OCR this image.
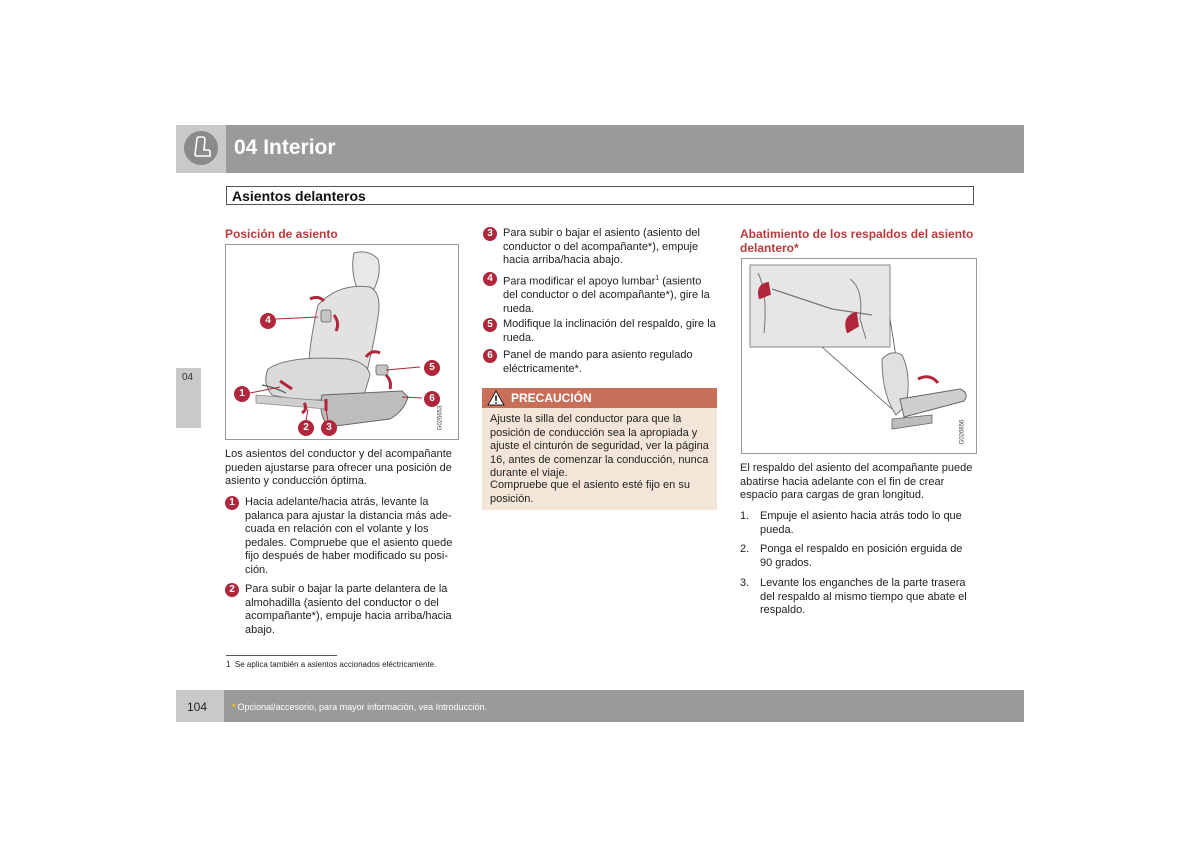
04 Interior
Asientos delanteros
04
Posición de asiento
4
5
1	6
2	3	G026653
Los asientos del conductor y del acompañante pueden ajustarse para ofrecer una posición de asiento y conducción óptima.
1 Hacia adelante/hacia atrás, levante la palanca para ajustar la distancia más adecuada en relación con el volante y los pedales. Compruebe que el asiento quede fijo después de haber modificado su posición.
2 Para subir o bajar la parte delantera de la almohadilla (asiento del conductor o del acompañante*), empuje hacia arriba/hacia abajo.
3 Para subir o bajar el asiento (asiento del conductor o del acompañante*), empuje hacia arriba/hacia abajo.
4 Para modificar el apoyo lumbar$^1$ (asiento del conductor o del acompañante*), gire la rueda.
5 Modifique la inclinación del respaldo, gire la rueda.
6 Panel de mando para asiento regulado eléctricamente*.
PRECAUCIÓN
Ajuste la silla del conductor para que la posición de conducción sea la apropiada y ajuste el cinturón de seguridad, ver la página 16, antes de comenzar la conducción, nunca durante el viaje.
Compruebe que el asiento esté fijo en su posición.
Abatimiento de los respaldos del asiento delantero*
G026656
El respaldo del asiento del acompañante puede abatirse hacia adelante con el fin de crear espacio para cargas de gran longitud.
1. Empuje el asiento hacia atrás todo lo que pueda.
2. Ponga el respaldo en posición erguida de 90 grados.
3. Levante los enganches de la parte trasera del respaldo al mismo tiempo que abate el respaldo.
1 Se aplica también a asientos accionados eléctricamente.
104	* Opcional/accesorio, para mayor información, vea Introducción.
